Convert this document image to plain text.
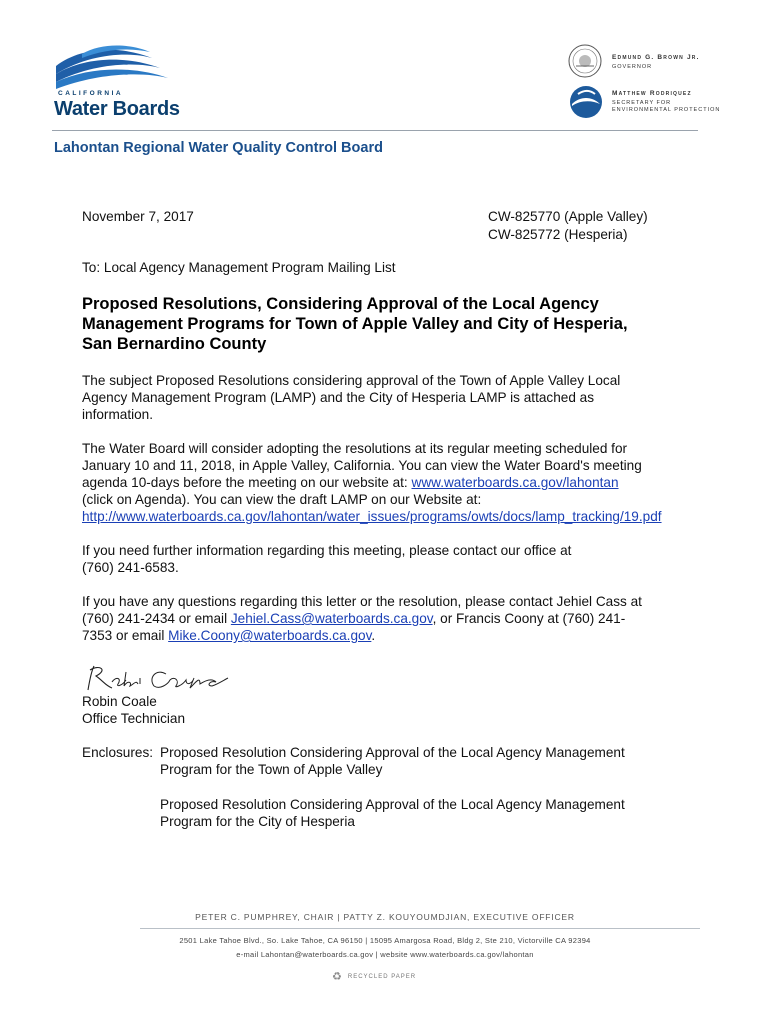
CALIFORNIA
Water Boards
Edmund G. Brown Jr.
GOVERNOR
Matthew Rodriquez
SECRETARY FOR
ENVIRONMENTAL PROTECTION
Lahontan Regional Water Quality Control Board
November 7, 2017	CW-825770 (Apple Valley)
CW-825772 (Hesperia)
To: Local Agency Management Program Mailing List
Proposed Resolutions, Considering Approval of the Local Agency
Management Programs for Town of Apple Valley and City of Hesperia,
San Bernardino County
The subject Proposed Resolutions considering approval of the Town of Apple Valley Local
Agency Management Program (LAMP) and the City of Hesperia LAMP is attached as
information.
The Water Board will consider adopting the resolutions at its regular meeting scheduled for
January 10 and 11, 2018, in Apple Valley, California. You can view the Water Board's meeting
agenda 10-days before the meeting on our website at: www.waterboards.ca.gov/lahontan
(click on Agenda). You can view the draft LAMP on our Website at:
http://www.waterboards.ca.gov/lahontan/water_issues/programs/owts/docs/lamp_tracking/19.pdf
If you need further information regarding this meeting, please contact our office at
(760) 241-6583.
If you have any questions regarding this letter or the resolution, please contact Jehiel Cass at
(760) 241-2434 or email Jehiel.Cass@waterboards.ca.gov, or Francis Coony at (760) 241-
7353 or email Mike.Coony@waterboards.ca.gov.
Robin Coale
Office Technician
Enclosures: Proposed Resolution Considering Approval of the Local Agency Management
Program for the Town of Apple Valley
Proposed Resolution Considering Approval of the Local Agency Management
Program for the City of Hesperia
PETER C. PUMPHREY, CHAIR | PATTY Z. KOUYOUMDJIAN, EXECUTIVE OFFICER
2501 Lake Tahoe Blvd., So. Lake Tahoe, CA 96150 | 15095 Amargosa Road, Bldg 2, Ste 210, Victorville CA 92394
e-mail Lahontan@waterboards.ca.gov | website www.waterboards.ca.gov/lahontan
♻ RECYCLED PAPER
